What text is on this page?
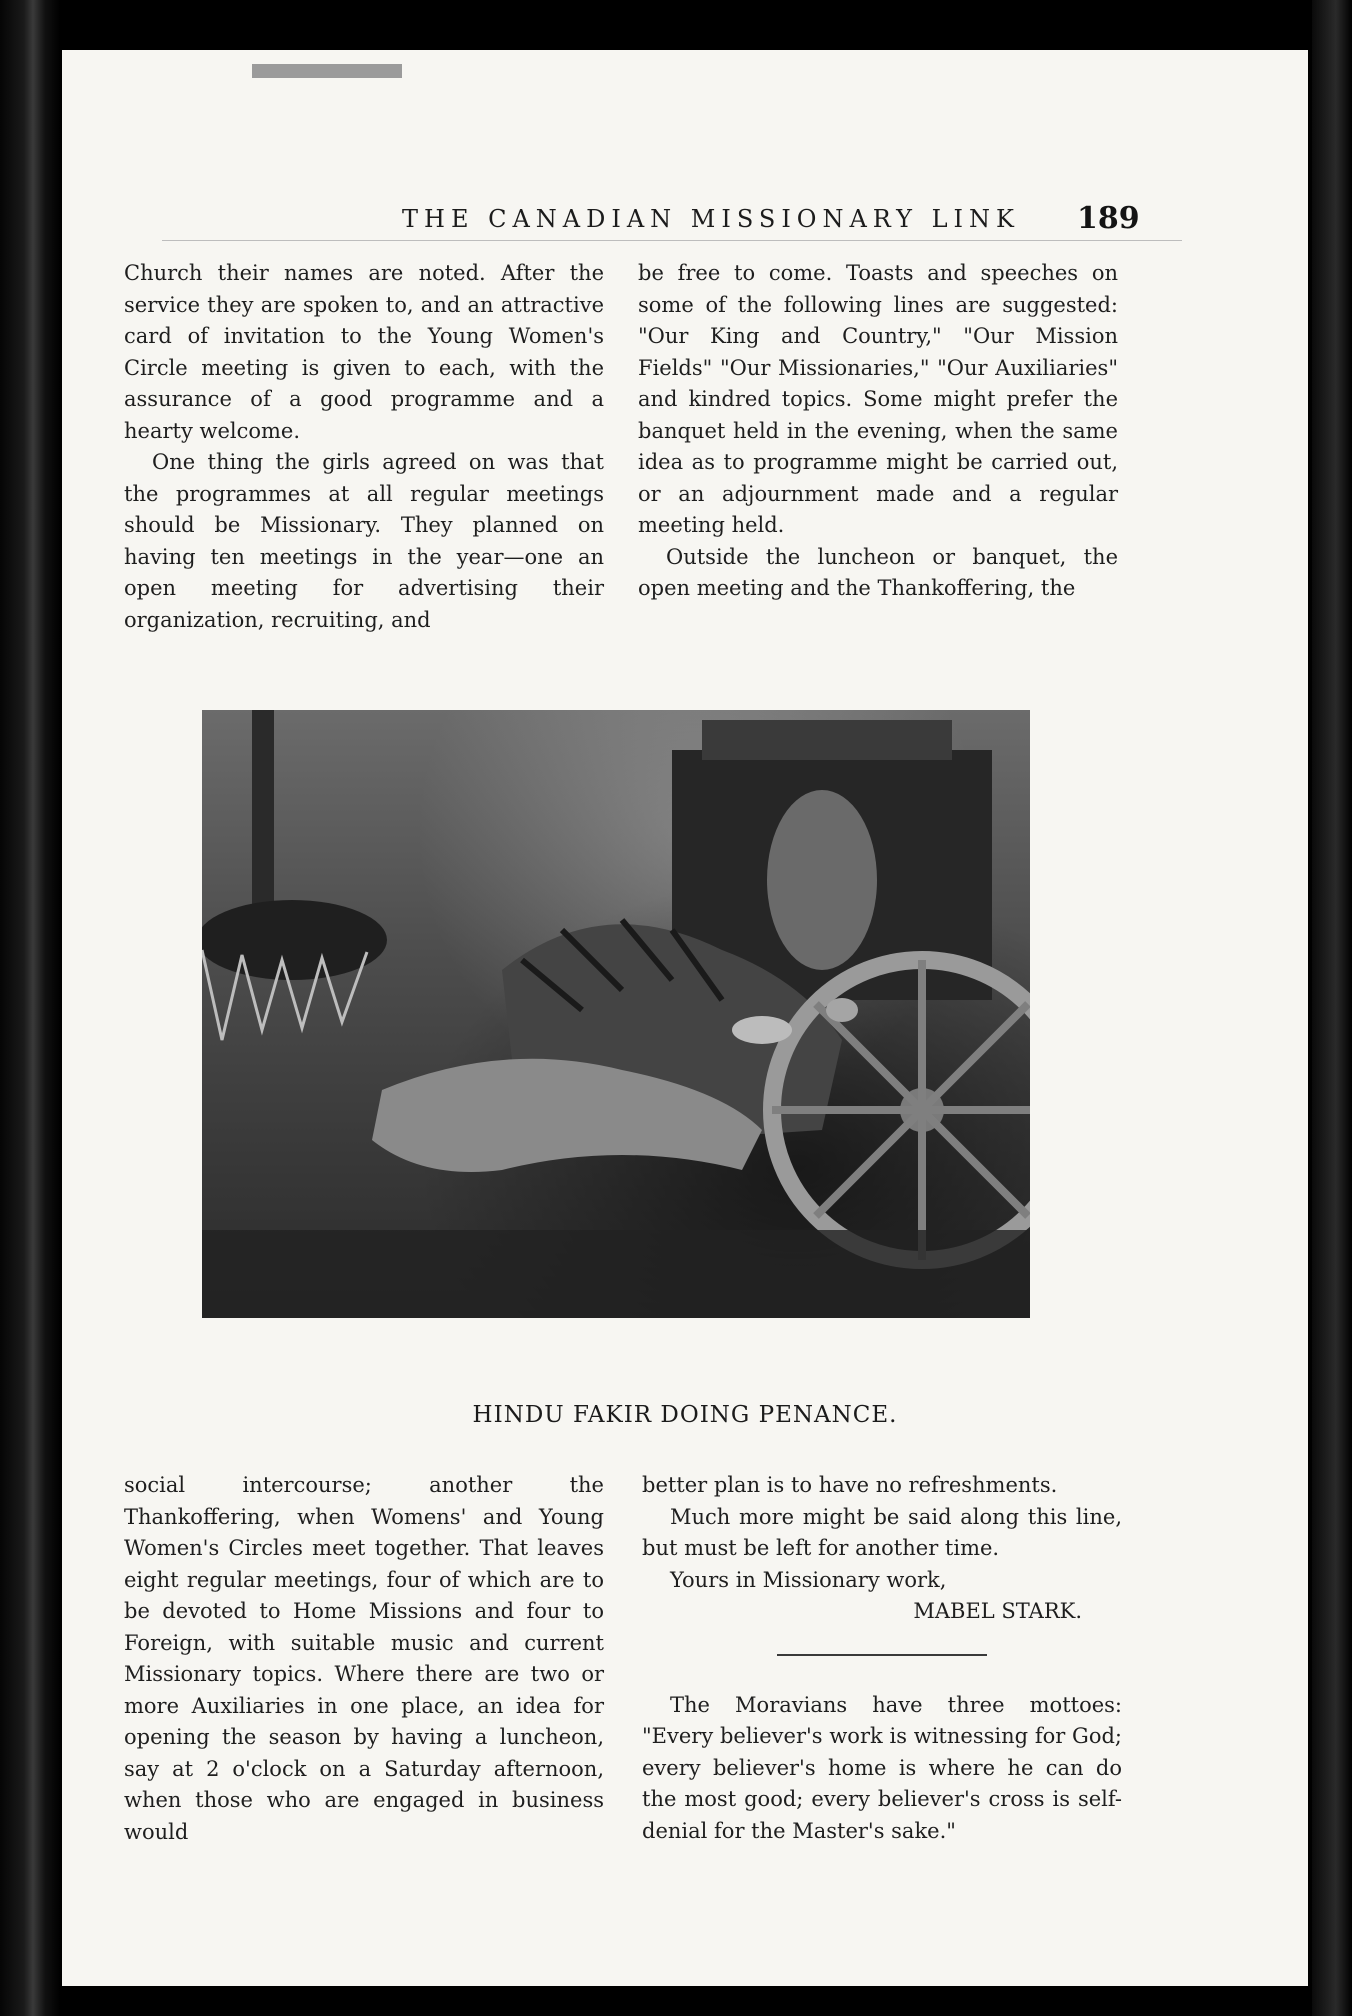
THE CANADIAN MISSIONARY LINK 189

Church their names are noted. After the service they are spoken to, and an attractive card of invitation to the Young Women's Circle meeting is given to each, with the assurance of a good programme and a hearty welcome.

One thing the girls agreed on was that the programmes at all regular meetings should be Missionary. They planned on having ten meetings in the year—one an open meeting for advertising their organization, recruiting, and

be free to come. Toasts and speeches on some of the following lines are suggested: "Our King and Country," "Our Mission Fields" "Our Missionaries," "Our Auxiliaries" and kindred topics. Some might prefer the banquet held in the evening, when the same idea as to programme might be carried out, or an adjournment made and a regular meeting held.

Outside the luncheon or banquet, the open meeting and the Thankoffering, the

HINDU FAKIR DOING PENANCE.

social intercourse; another the Thankoffering, when Womens' and Young Women's Circles meet together. That leaves eight regular meetings, four of which are to be devoted to Home Missions and four to Foreign, with suitable music and current Missionary topics. Where there are two or more Auxiliaries in one place, an idea for opening the season by having a luncheon, say at 2 o'clock on a Saturday afternoon, when those who are engaged in business would

better plan is to have no refreshments.

Much more might be said along this line, but must be left for another time.

Yours in Missionary work,

MABEL STARK.

The Moravians have three mottoes: "Every believer's work is witnessing for God; every believer's home is where he can do the most good; every believer's cross is self-denial for the Master's sake."
